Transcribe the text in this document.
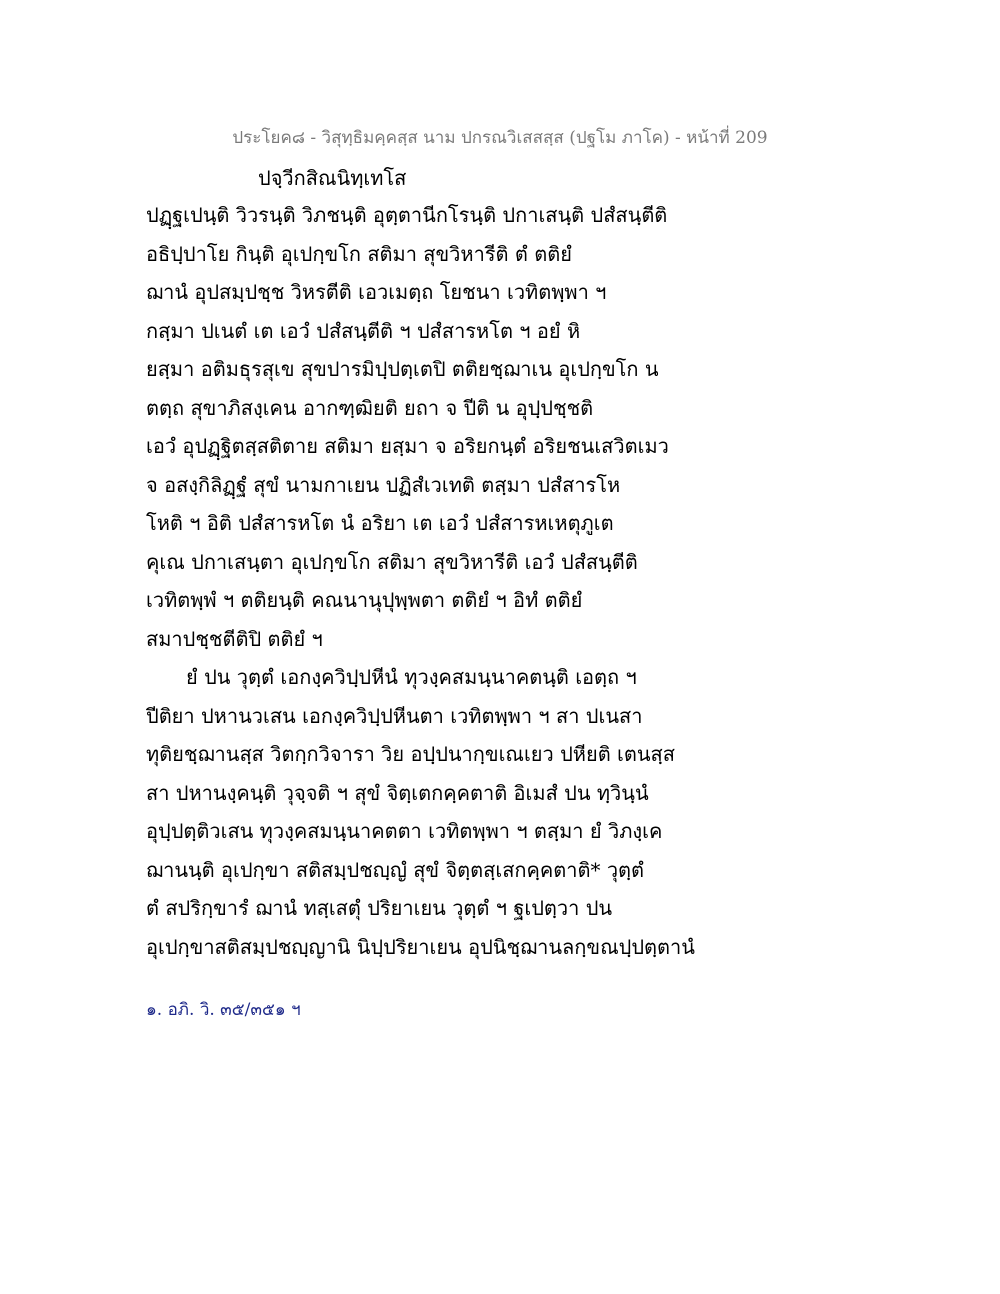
ประโยค๘ - วิสุทฺธิมคฺคสฺส นาม ปกรณวิเสสสฺส (ปฐโม ภาโค) - หน้าที่ 209
ปจฺวีกสิณนิทฺเทโส
ปฏฺฐเปนฺติ วิวรนฺติ วิภชนฺติ อุตฺตานีกโรนฺติ ปกาเสนฺติ ปสํสนฺตีติ
อธิปฺปาโย กินฺติ อุเปกฺขโก สติมา สุขวิหารีติ ตํ ตติยํ
ฌานํ อุปสมฺปชฺช วิหรตีติ เอวเมตฺถ โยชนา เวทิตพฺพา ฯ
กสฺมา ปเนตํ เต เอวํ ปสํสนฺตีติ ฯ ปสํสารหโต ฯ อยํ หิ
ยสฺมา อติมธุรสุเข สุขปารมิปฺปตฺเตปิ ตติยชฺฌาเน อุเปกฺขโก น
ตตฺถ สุขาภิสงฺเคน อากฑฺฒิยติ ยถา จ ปีติ น อุปฺปชฺชติ
เอวํ อุปฏฺฐิตสฺสติตาย สติมา ยสฺมา จ อริยกนฺตํ อริยชนเสวิตเมว
จ อสงฺกิลิฏฺฐํ สุขํ นามกาเยน ปฏิสํเวเทติ ตสฺมา ปสํสารโห
โหติ ฯ อิติ ปสํสารหโต นํ อริยา เต เอวํ ปสํสารหเหตุภูเต
คุเณ ปกาเสนฺตา อุเปกฺขโก สติมา สุขวิหารีติ เอวํ ปสํสนฺตีติ
เวทิตพฺพํ ฯ ตติยนฺติ คณนานุปุพฺพตา ตติยํ ฯ อิทํ ตติยํ
สมาปชฺชตีติปิ ตติยํ ฯ
ยํ ปน วุตฺตํ เอกงฺควิปฺปหีนํ ทุวงฺคสมนฺนาคตนฺติ เอตฺถ ฯ
ปีติยา ปหานวเสน เอกงฺควิปฺปหีนตา เวทิตพฺพา ฯ สา ปเนสา
ทุติยชฺฌานสฺส วิตกฺกวิจารา วิย อปฺปนากฺขเณเยว ปหียติ เตนสฺส
สา ปหานงฺคนฺติ วุจฺจติ ฯ สุขํ จิตฺเตกคฺคตาติ อิเมสํ ปน ทฺวินฺนํ
อุปฺปตฺติวเสน ทุวงฺคสมนฺนาคตตา เวทิตพฺพา ฯ ตสฺมา ยํ วิภงฺเค
ฌานนฺติ อุเปกฺขา สติสมฺปชญฺญํ สุขํ จิตฺตสฺเสกคฺคตาติ* วุตฺตํ
ตํ สปริกฺขารํ ฌานํ ทสฺเสตุํ ปริยาเยน วุตฺตํ ฯ ฐเปตฺวา ปน
อุเปกฺขาสติสมฺปชญฺญานิ นิปฺปริยาเยน อุปนิชฺฌานลกฺขณปฺปตฺตานํ
๑. อภิ. วิ. ๓๕/๓๕๑ ฯ
